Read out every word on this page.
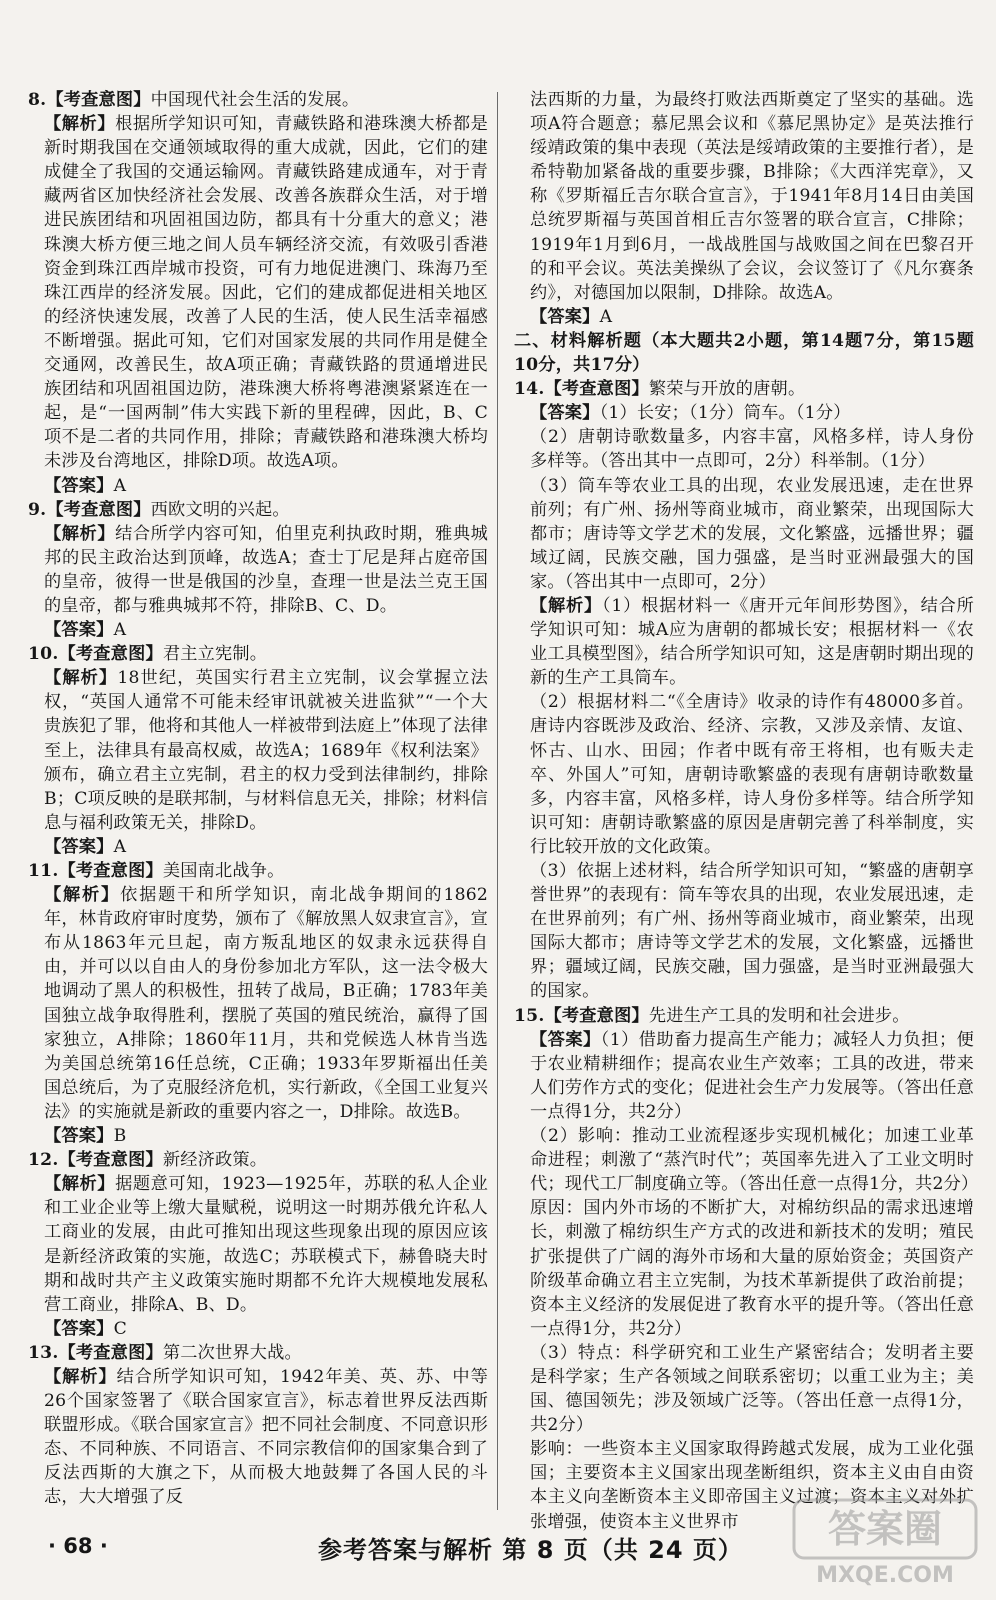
8.【考查意图】中国现代社会生活的发展。

【解析】根据所学知识可知，青藏铁路和港珠澳大桥都是新时期我国在交通领域取得的重大成就，因此，它们的建成健全了我国的交通运输网。青藏铁路建成通车，对于青藏两省区加快经济社会发展、改善各族群众生活，对于增进民族团结和巩固祖国边防，都具有十分重大的意义；港珠澳大桥方便三地之间人员车辆经济交流，有效吸引香港资金到珠江西岸城市投资，可有力地促进澳门、珠海乃至珠江西岸的经济发展。因此，它们的建成都促进相关地区的经济快速发展，改善了人民的生活，使人民生活幸福感不断增强。据此可知，它们对国家发展的共同作用是健全交通网，改善民生，故A项正确；青藏铁路的贯通增进民族团结和巩固祖国边防，港珠澳大桥将粤港澳紧紧连在一起，是“一国两制”伟大实践下新的里程碑，因此，B、C项不是二者的共同作用，排除；青藏铁路和港珠澳大桥均未涉及台湾地区，排除D项。故选A项。

【答案】A

9.【考查意图】西欧文明的兴起。

【解析】结合所学内容可知，伯里克利执政时期，雅典城邦的民主政治达到顶峰，故选A；查士丁尼是拜占庭帝国的皇帝，彼得一世是俄国的沙皇，查理一世是法兰克王国的皇帝，都与雅典城邦不符，排除B、C、D。

【答案】A

10.【考查意图】君主立宪制。

【解析】18世纪，英国实行君主立宪制，议会掌握立法权，“英国人通常不可能未经审讯就被关进监狱”“一个大贵族犯了罪，他将和其他人一样被带到法庭上”体现了法律至上，法律具有最高权威，故选A；1689年《权利法案》颁布，确立君主立宪制，君主的权力受到法律制约，排除B；C项反映的是联邦制，与材料信息无关，排除；材料信息与福利政策无关，排除D。

【答案】A

11.【考查意图】美国南北战争。

【解析】依据题干和所学知识，南北战争期间的1862年，林肯政府审时度势，颁布了《解放黑人奴隶宣言》，宣布从1863年元旦起，南方叛乱地区的奴隶永远获得自由，并可以以自由人的身份参加北方军队，这一法令极大地调动了黑人的积极性，扭转了战局，B正确；1783年美国独立战争取得胜利，摆脱了英国的殖民统治，赢得了国家独立，A排除；1860年11月，共和党候选人林肯当选为美国总统第16任总统，C正确；1933年罗斯福出任美国总统后，为了克服经济危机，实行新政，《全国工业复兴法》的实施就是新政的重要内容之一，D排除。故选B。

【答案】B

12.【考查意图】新经济政策。

【解析】据题意可知，1923—1925年，苏联的私人企业和工业企业等上缴大量赋税，说明这一时期苏俄允许私人工商业的发展，由此可推知出现这些现象出现的原因应该是新经济政策的实施，故选C；苏联模式下，赫鲁晓夫时期和战时共产主义政策实施时期都不允许大规模地发展私营工商业，排除A、B、D。

【答案】C

13.【考查意图】第二次世界大战。

【解析】结合所学知识可知，1942年美、英、苏、中等26个国家签署了《联合国家宣言》，标志着世界反法西斯联盟形成。《联合国家宣言》把不同社会制度、不同意识形态、不同种族、不同语言、不同宗教信仰的国家集合到了反法西斯的大旗之下，从而极大地鼓舞了各国人民的斗志，大大增强了反

法西斯的力量，为最终打败法西斯奠定了坚实的基础。选项A符合题意；慕尼黑会议和《慕尼黑协定》是英法推行绥靖政策的集中表现（英法是绥靖政策的主要推行者），是希特勒加紧备战的重要步骤，B排除；《大西洋宪章》，又称《罗斯福丘吉尔联合宣言》，于1941年8月14日由美国总统罗斯福与英国首相丘吉尔签署的联合宣言，C排除；1919年1月到6月，一战战胜国与战败国之间在巴黎召开的和平会议。英法美操纵了会议，会议签订了《凡尔赛条约》，对德国加以限制，D排除。故选A。

【答案】A

二、材料解析题（本大题共2小题，第14题7分，第15题10分，共17分）

14.【考查意图】繁荣与开放的唐朝。

【答案】（1）长安；（1分）筒车。（1分）

（2）唐朝诗歌数量多，内容丰富，风格多样，诗人身份多样等。（答出其中一点即可，2分）科举制。（1分）

（3）筒车等农业工具的出现，农业发展迅速，走在世界前列；有广州、扬州等商业城市，商业繁荣，出现国际大都市；唐诗等文学艺术的发展，文化繁盛，远播世界；疆域辽阔，民族交融，国力强盛，是当时亚洲最强大的国家。（答出其中一点即可，2分）

【解析】（1）根据材料一《唐开元年间形势图》，结合所学知识可知：城A应为唐朝的都城长安；根据材料一《农业工具模型图》，结合所学知识可知，这是唐朝时期出现的新的生产工具筒车。

（2）根据材料二“《全唐诗》收录的诗作有48000多首。唐诗内容既涉及政治、经济、宗教，又涉及亲情、友谊、怀古、山水、田园；作者中既有帝王将相，也有贩夫走卒、外国人”可知，唐朝诗歌繁盛的表现有唐朝诗歌数量多，内容丰富，风格多样，诗人身份多样等。结合所学知识可知：唐朝诗歌繁盛的原因是唐朝完善了科举制度，实行比较开放的文化政策。

（3）依据上述材料，结合所学知识可知，“繁盛的唐朝享誉世界”的表现有：筒车等农具的出现，农业发展迅速，走在世界前列；有广州、扬州等商业城市，商业繁荣，出现国际大都市；唐诗等文学艺术的发展，文化繁盛，远播世界；疆域辽阔，民族交融，国力强盛，是当时亚洲最强大的国家。

15.【考查意图】先进生产工具的发明和社会进步。

【答案】（1）借助畜力提高生产能力；减轻人力负担；便于农业精耕细作；提高农业生产效率；工具的改进，带来人们劳作方式的变化；促进社会生产力发展等。（答出任意一点得1分，共2分）

（2）影响：推动工业流程逐步实现机械化；加速工业革命进程；刺激了“蒸汽时代”；英国率先进入了工业文明时代；现代工厂制度确立等。（答出任意一点得1分，共2分）

原因：国内外市场的不断扩大，对棉纺织品的需求迅速增长，刺激了棉纺织生产方式的改进和新技术的发明；殖民扩张提供了广阔的海外市场和大量的原始资金；英国资产阶级革命确立君主立宪制，为技术革新提供了政治前提；资本主义经济的发展促进了教育水平的提升等。（答出任意一点得1分，共2分）

（3）特点：科学研究和工业生产紧密结合；发明者主要是科学家；生产各领域之间联系密切；以重工业为主；美国、德国领先；涉及领域广泛等。（答出任意一点得1分，共2分）

影响：一些资本主义国家取得跨越式发展，成为工业化强国；主要资本主义国家出现垄断组织，资本主义由自由资本主义向垄断资本主义即帝国主义过渡；资本主义对外扩张增强，使资本主义世界市

· 68 ·	参考答案与解析 第 8 页（共 24 页） 答案圈
MXQE.COM
